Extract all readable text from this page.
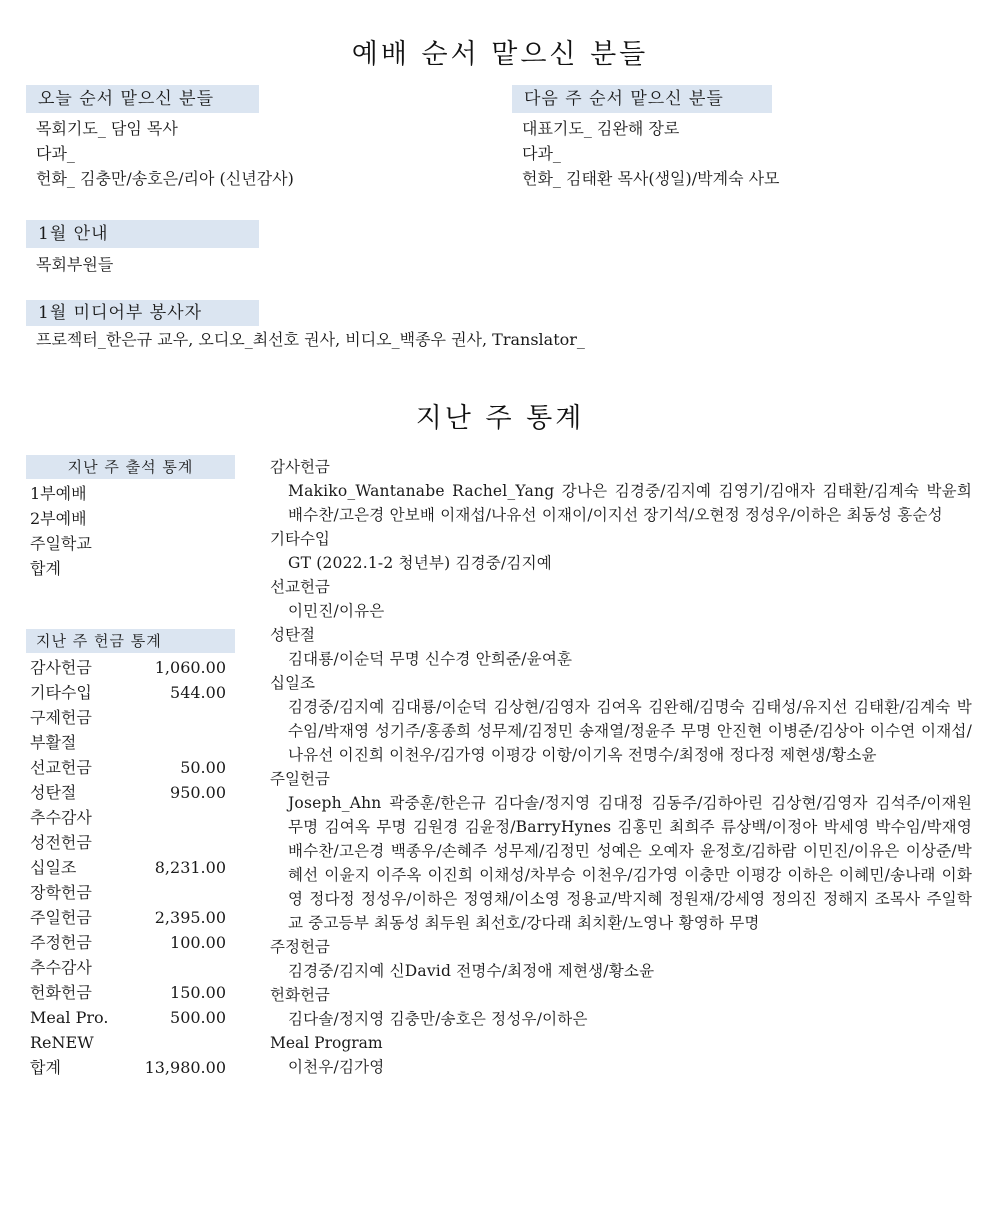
예배 순서 맡으신 분들
오늘 순서 맡으신 분들
목회기도_ 담임 목사
다과_
헌화_ 김충만/송호은/리아 (신년감사)
다음 주 순서 맡으신 분들
대표기도_ 김완해 장로
다과_
헌화_ 김태환 목사(생일)/박계숙 사모
1월 안내
목회부원들
1월 미디어부 봉사자
프로젝터_한은규 교우, 오디오_최선호 권사, 비디오_백종우 권사, Translator_
지난 주 통계
지난 주 출석 통계
1부예배
2부예배
주일학교
합계
지난 주 헌금 통계
감사헌금	1,060.00
기타수입	544.00
구제헌금
부활절
선교헌금	50.00
성탄절	950.00
추수감사
성전헌금
십일조	8,231.00
장학헌금
주일헌금	2,395.00
주정헌금	100.00
추수감사
헌화헌금	150.00
Meal Pro.	500.00
ReNEW
합계	13,980.00
감사헌금
Makiko_Wantanabe Rachel_Yang 강나은 김경중/김지예 김영기/김애자 김태환/김계숙 박윤희 배수찬/고은경 안보배 이재섭/나유선 이재이/이지선 장기석/오현정 정성우/이하은 최동성 홍순성
기타수입
GT (2022.1-2 청년부) 김경중/김지예
선교헌금
이민진/이유은
성탄절
김대룡/이순덕 무명 신수경 안희준/윤여훈
십일조
김경중/김지예 김대룡/이순덕 김상현/김영자 김여옥 김완해/김명숙 김태성/유지선 김태환/김계숙 박수임/박재영 성기주/홍종희 성무제/김정민 송재열/정윤주 무명 안진현 이병준/김상아 이수연 이재섭/나유선 이진희 이천우/김가영 이평강 이항/이기옥 전명수/최정애 정다정 제현생/황소윤
주일헌금
Joseph_Ahn 곽중훈/한은규 김다솔/정지영 김대정 김동주/김하아린 김상현/김영자 김석주/이재원 무명 김여옥 무명 김원경 김윤정/BarryHynes 김홍민 최희주 류상백/이정아 박세영 박수임/박재영 배수찬/고은경 백종우/손혜주 성무제/김정민 성예은 오예자 윤정호/김하람 이민진/이유은 이상준/박혜선 이윤지 이주옥 이진희 이채성/차부승 이천우/김가영 이충만 이평강 이하은 이혜민/송나래 이화영 정다정 정성우/이하은 정영채/이소영 정용교/박지혜 정원재/강세영 정의진 정해지 조목사 주일학교 중고등부 최동성 최두원 최선호/강다래 최치환/노영나 황영하 무명
주정헌금
김경중/김지예 신David 전명수/최정애 제현생/황소윤
헌화헌금
김다솔/정지영 김충만/송호은 정성우/이하은
Meal Program
이천우/김가영
